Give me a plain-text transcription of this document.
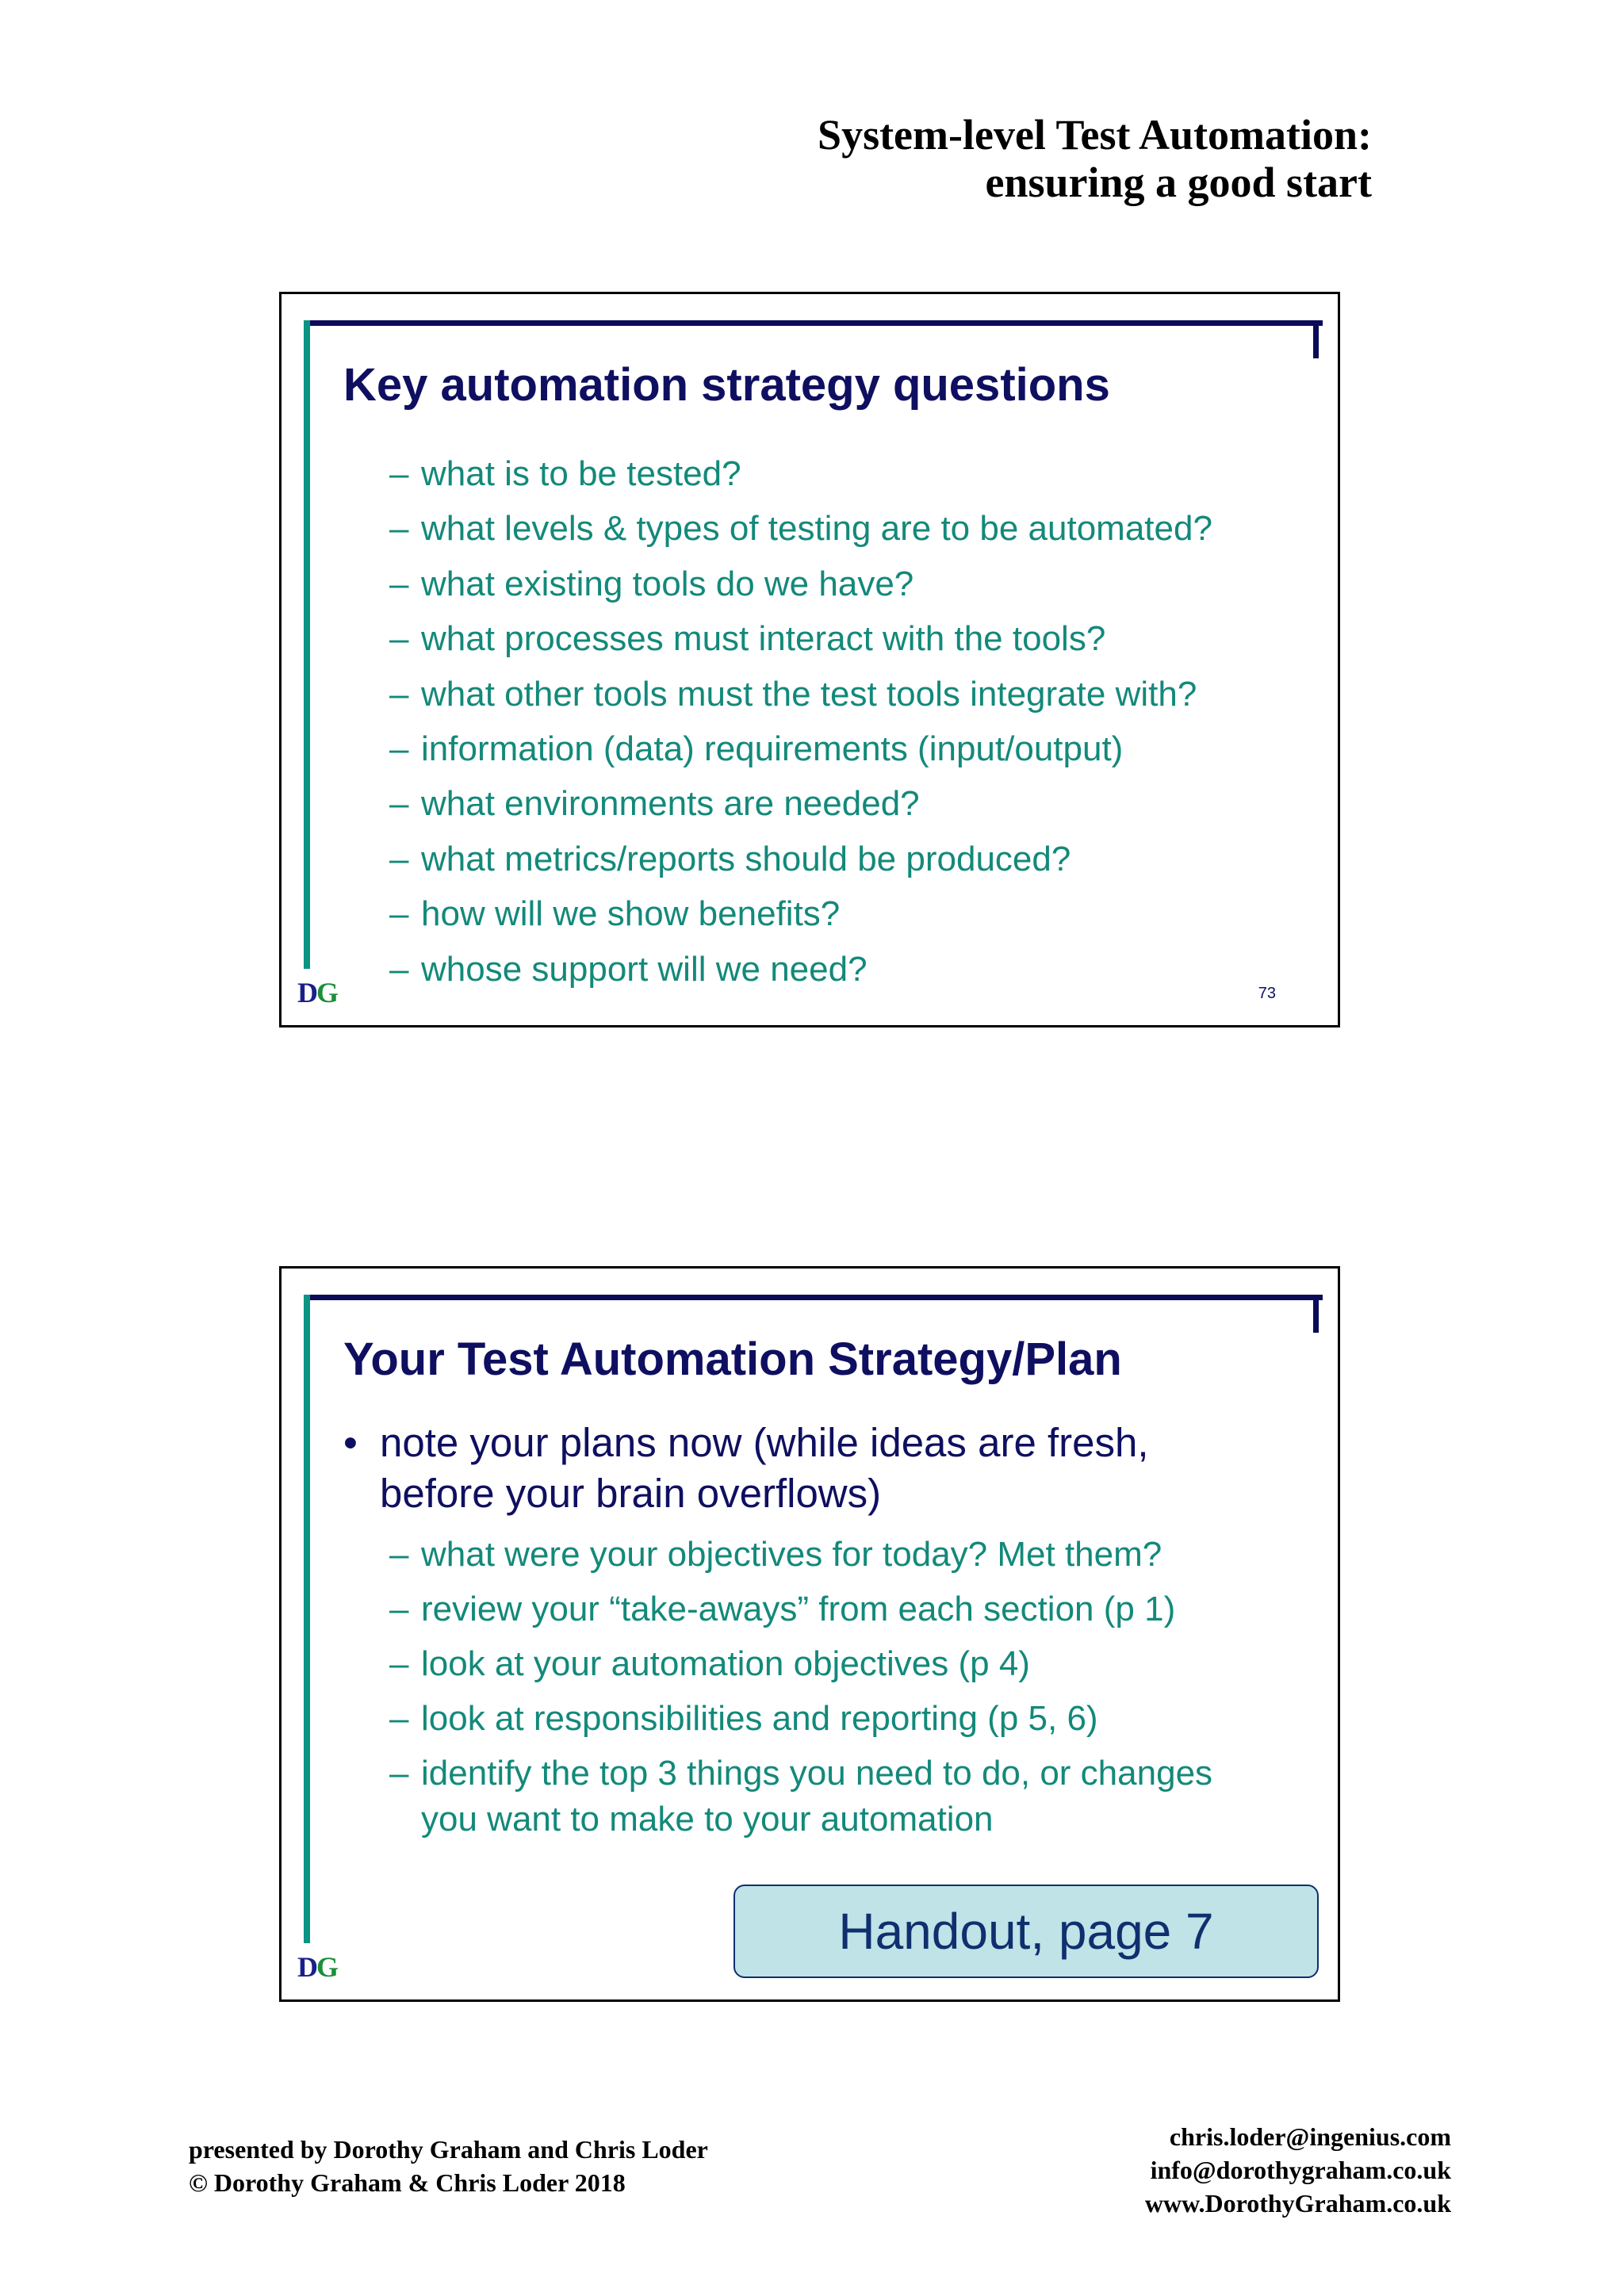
System-level Test Automation:
ensuring a good start
Key automation strategy questions
– what is to be tested?
– what levels & types of testing are to be automated?
– what existing tools do we have?
– what processes must interact with the tools?
– what other tools must the test tools integrate with?
– information (data) requirements (input/output)
– what environments are needed?
– what metrics/reports should be produced?
– how will we show benefits?
– whose support will we need?
DG	73
Your Test Automation Strategy/Plan
• note your plans now (while ideas are fresh,
before your brain overflows)
– what were your objectives for today? Met them?
– review your “take-aways” from each section (p 1)
– look at your automation objectives (p 4)
– look at responsibilities and reporting (p 5, 6)
– identify the top 3 things you need to do, or changes
you want to make to your automation
Handout, page 7
DG
presented by Dorothy Graham and Chris Loder
© Dorothy Graham & Chris Loder 2018
chris.loder@ingenius.com
info@dorothygraham.co.uk
www.DorothyGraham.co.uk
